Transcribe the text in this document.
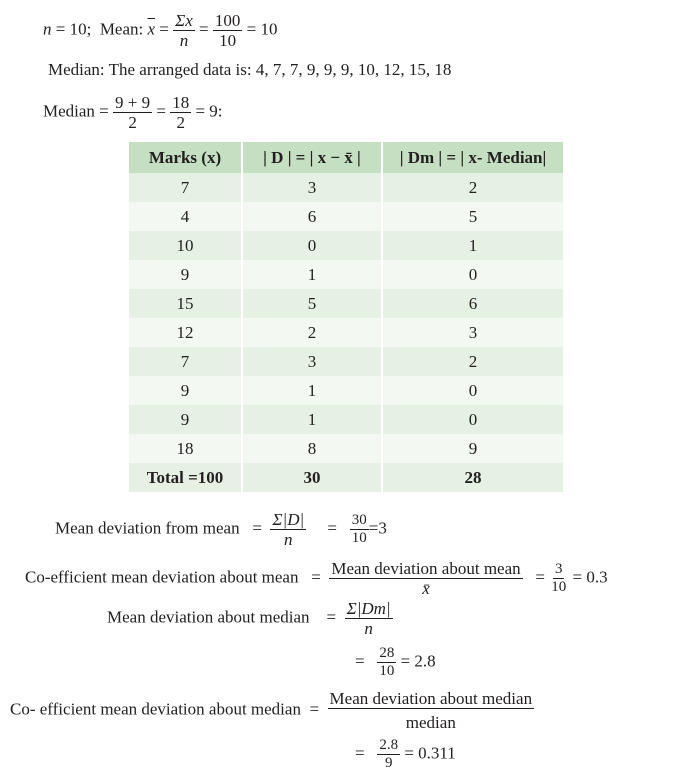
n = 10; Mean: $\overline{x} = \frac{\Sigma x}{n} = \frac{100}{10} = 10$
Median: The arranged data is: 4, 7, 7, 9, 9, 9, 10, 12, 15, 18
Median = $\frac{9 + 9}{2} = \frac{18}{2} = 9$:
Marks (x)	| D | = | x − x̄ |	| Dm | = | x- Median|
7	3	2
4	6	5
10	0	1
9	1	0
15	5	6
12	2	3
7	3	2
9	1	0
9	1	0
18	8	9
Total =100	30	28
Mean deviation from mean = $\frac{\Sigma|D|}{n} = \frac{30}{10} =3$
Co-efficient mean deviation about mean = $\frac{\text{Mean deviation about mean}}{x̄} = \frac{3}{10} = 0.3$
Mean deviation about median = $\frac{\Sigma|Dm|}{n}$
= $\frac{28}{10} = 2.8$
Co- efficient mean deviation about median = $\frac{\text{Mean deviation about median}}{\text{median}}$
= $\frac{2.8}{9} = 0.311$
